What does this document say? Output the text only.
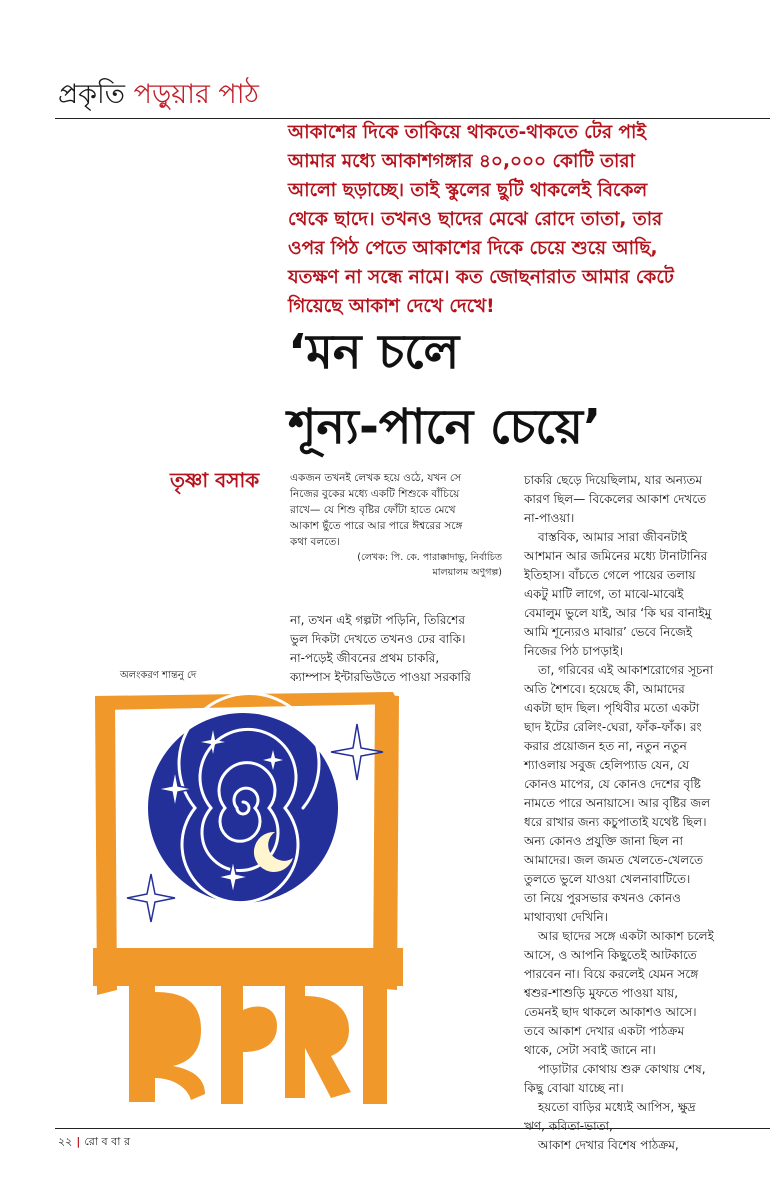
প্রকৃতি পড়ুয়ার পাঠ
আকাশের দিকে তাকিয়ে থাকতে-থাকতে টের পাই
আমার মধ্যে আকাশগঙ্গার ৪০,০০০ কোটি তারা
আলো ছড়াচ্ছে। তাই স্কুলের ছুটি থাকলেই বিকেল
থেকে ছাদে। তখনও ছাদের মেঝে রোদে তাতা, তার
ওপর পিঠ পেতে আকাশের দিকে চেয়ে শুয়ে আছি,
যতক্ষণ না সন্ধে নামে। কত জোছনারাত আমার কেটে
গিয়েছে আকাশ দেখে দেখে!
‘মন চলে
শূন্য-পানে চেয়ে’
তৃষ্ণা বসাক	একজন তখনই লেখক হয়ে ওঠে, যখন সে
নিজের বুকের মধ্যে একটি শিশুকে বাঁচিয়ে
রাখে— যে শিশু বৃষ্টির ফোঁটা হাতে মেখে
আকাশ ছুঁতে পারে আর পারে ঈশ্বরের সঙ্গে
কথা বলতে।
(লেখক: পি. কে. পারাক্কাদাভু, নির্বাচিত
মালয়ালম অণুগল্প)
না, তখন এই গল্পটা পড়িনি, তিরিশের
ভুল দিকটা দেখতে তখনও ঢের বাকি।
না-পড়েই জীবনের প্রথম চাকরি,
ক্যাম্পাস ইন্টারভিউতে পাওয়া সরকারি
চাকরি ছেড়ে দিয়েছিলাম, যার অন্যতম
কারণ ছিল— বিকেলের আকাশ দেখতে
না-পাওয়া।
বাস্তবিক, আমার সারা জীবনটাই
আশমান আর জমিনের মধ্যে টানাটানির
ইতিহাস। বাঁচতে গেলে পায়ের তলায়
একটু মাটি লাগে, তা মাঝে-মাঝেই
বেমালুম ভুলে যাই, আর ‘কি ঘর বানাইমু
আমি শূন্যেরও মাঝার’ ভেবে নিজেই
নিজের পিঠ চাপড়াই।
তা, গরিবের এই আকাশরোগের সূচনা
অতি শৈশবে। হয়েছে কী, আমাদের
একটা ছাদ ছিল। পৃথিবীর মতো একটা
ছাদ ইটের রেলিং-ঘেরা, ফাঁক-ফাঁক। রং
করার প্রয়োজন হত না, নতুন নতুন
শ্যাওলায় সবুজ হেলিপ্যাড যেন, যে
কোনও মাপের, যে কোনও দেশের বৃষ্টি
নামতে পারে অনায়াসে। আর বৃষ্টির জল
ধরে রাখার জন্য কচুপাতাই যথেষ্ট ছিল।
অন্য কোনও প্রযুক্তি জানা ছিল না
আমাদের। জল জমত খেলতে-খেলতে
তুলতে ভুলে যাওয়া খেলনাবাটিতে।
তা নিয়ে পুরসভার কখনও কোনও
মাথাব্যথা দেখিনি।
আর ছাদের সঙ্গে একটা আকাশ চলেই
আসে, ও আপনি কিছুতেই আটকাতে
পারবেন না। বিয়ে করলেই যেমন সঙ্গে
শ্বশুর-শাশুড়ি মুফতে পাওয়া যায়,
তেমনই ছাদ থাকলে আকাশও আসে।
তবে আকাশ দেখার একটা পাঠক্রম
থাকে, সেটা সবাই জানে না।
পাড়াটার কোথায় শুরু কোথায় শেষ,
কিছু বোঝা যাচ্ছে না।
হয়তো বাড়ির মধ্যেই আপিস, ক্ষুদ্র
ঋণ, কবিতা-ভাতা,
আকাশ দেখার বিশেষ পাঠক্রম,
অলংকরণ শান্তনু দে
২২ | রো ব বা র
